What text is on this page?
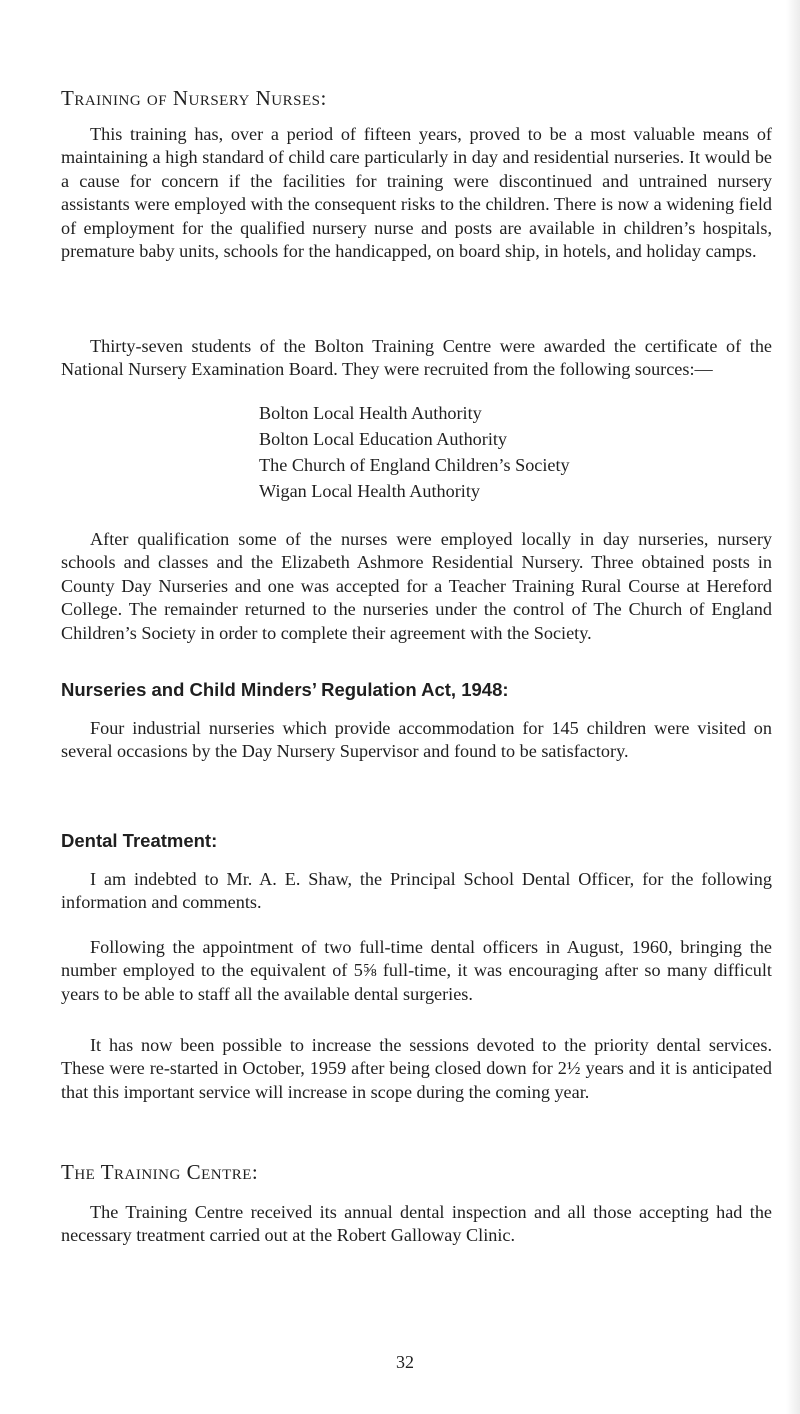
Training of Nursery Nurses:

This training has, over a period of fifteen years, proved to be a most valuable means of maintaining a high standard of child care particularly in day and residential nurseries. It would be a cause for concern if the facilities for training were discontinued and untrained nursery assistants were employed with the consequent risks to the children. There is now a widening field of employment for the qualified nursery nurse and posts are available in children’s hospitals, premature baby units, schools for the handicapped, on board ship, in hotels, and holiday camps.

Thirty-seven students of the Bolton Training Centre were awarded the certificate of the National Nursery Examination Board. They were recruited from the following sources:—

Bolton Local Health Authority
Bolton Local Education Authority
The Church of England Children’s Society
Wigan Local Health Authority

After qualification some of the nurses were employed locally in day nurseries, nursery schools and classes and the Elizabeth Ashmore Residential Nursery. Three obtained posts in County Day Nurseries and one was accepted for a Teacher Training Rural Course at Hereford College. The remainder returned to the nurseries under the control of The Church of England Children’s Society in order to complete their agreement with the Society.

Nurseries and Child Minders’ Regulation Act, 1948:

Four industrial nurseries which provide accommodation for 145 children were visited on several occasions by the Day Nursery Supervisor and found to be satisfactory.

Dental Treatment:

I am indebted to Mr. A. E. Shaw, the Principal School Dental Officer, for the following information and comments.

Following the appointment of two full-time dental officers in August, 1960, bringing the number employed to the equivalent of 5⅝ full-time, it was encouraging after so many difficult years to be able to staff all the available dental surgeries.

It has now been possible to increase the sessions devoted to the priority dental services. These were re-started in October, 1959 after being closed down for 2½ years and it is anticipated that this important service will increase in scope during the coming year.

The Training Centre:

The Training Centre received its annual dental inspection and all those accepting had the necessary treatment carried out at the Robert Galloway Clinic.

32
